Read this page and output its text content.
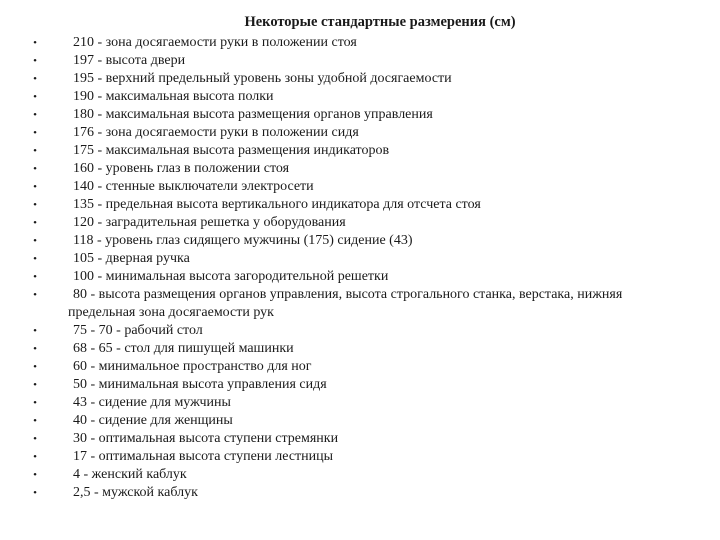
Некоторые стандартные размерения (см)
•	210 - зона досягаемости руки в положении стоя
•	197 - высота двери
•	195 - верхний предельный уровень зоны удобной досягаемости
•	190 - максимальная высота полки
•	180 - максимальная высота размещения органов управления
•	176 - зона досягаемости руки в положении сидя
•	175 - максимальная высота размещения индикаторов
•	160 - уровень глаз в положении стоя
•	140 - стенные выключатели электросети
•	135 - предельная высота вертикального индикатора для отсчета стоя
•	120 - заградительная решетка у оборудования
•	118 - уровень глаз сидящего мужчины (175) сидение (43)
•	105 - дверная ручка
•	100 - минимальная высота загородительной решетки
•	80 - высота размещения органов управления, высота строгального станка, верстака, нижняя
предельная зона досягаемости рук
•	75 - 70 - рабочий стол
•	68 - 65 - стол для пишущей машинки
•	60 - минимальное пространство для ног
•	50 - минимальная высота управления сидя
•	43 - сидение для мужчины
•	40 - сидение для женщины
•	30 - оптимальная высота ступени стремянки
•	17 - оптимальная высота ступени лестницы
•	4 - женский каблук
•	2,5 - мужской каблук
